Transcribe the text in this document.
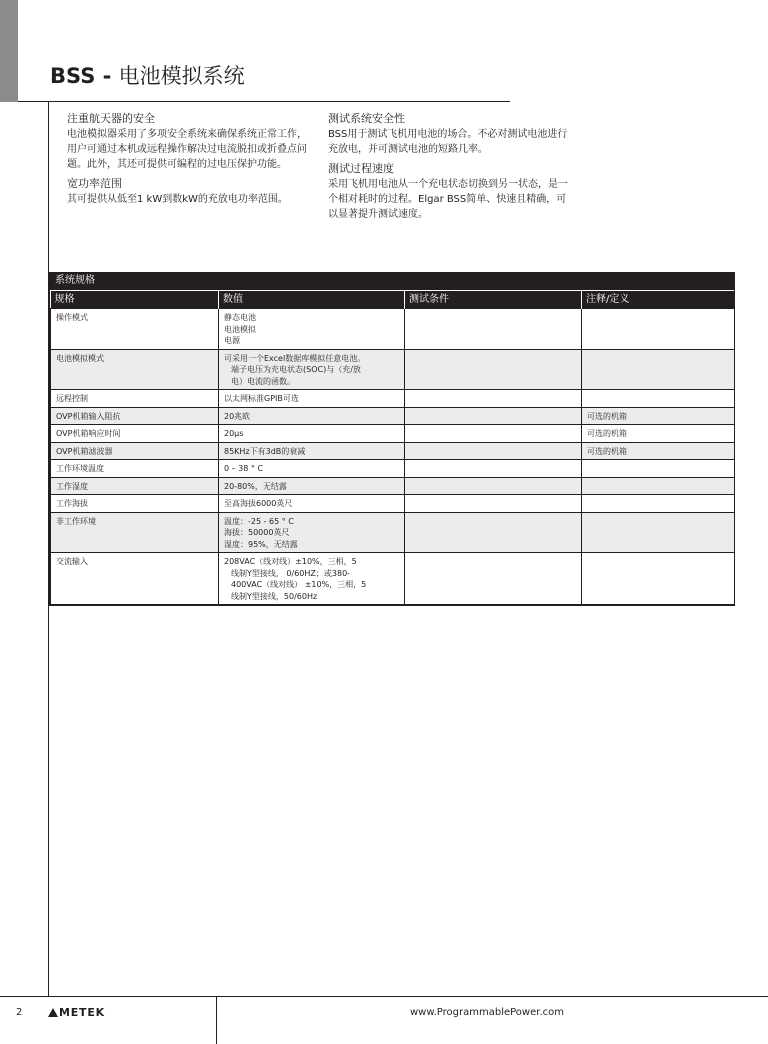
BSS - 电池模拟系统

注重航天器的安全

电池模拟器采用了多项安全系统来确保系统正常工作，用户可通过本机或远程操作解决过电流脱扣或折叠点问题。此外，其还可提供可编程的过电压保护功能。

宽功率范围

其可提供从低至1 kW到数kW的充放电功率范围。

测试系统安全性

BSS用于测试飞机用电池的场合。不必对测试电池进行充放电，并可测试电池的短路几率。

测试过程速度

采用飞机用电池从一个充电状态切换到另一状态，是一个相对耗时的过程。Elgar BSS简单、快速且精确，可以显著提升测试速度。

系统规格
规格	数值	测试条件	注释/定义
操作模式	静态电池
电池模拟
电源		

电池模拟模式	可采用一个Excel数据库模拟任意电池。
端子电压为充电状态(SOC)与（充/放
电）电流的函数。		

远程控制	以太网标准GPIB可选		

OVP机箱输入阻抗	20兆欧		可选的机箱
OVP机箱响应时间	20µs		可选的机箱
OVP机箱滤波器	85KHz下有3dB的衰减		可选的机箱
工作环境温度	0 – 38 ° C		

工作湿度	20-80%，无结露		

工作海拔	至高海拔6000英尺		

非工作环境	温度：-25 - 65 ° C
海拔：50000英尺
湿度：95%，无结露		

交流输入	208VAC（线对线）±10%，三相，5
线制Y型接线， 0/60HZ；或380-
400VAC（线对线） ±10%，三相，5
线制Y型接线，50/60Hz		

2	METEK	www.ProgrammablePower.com
